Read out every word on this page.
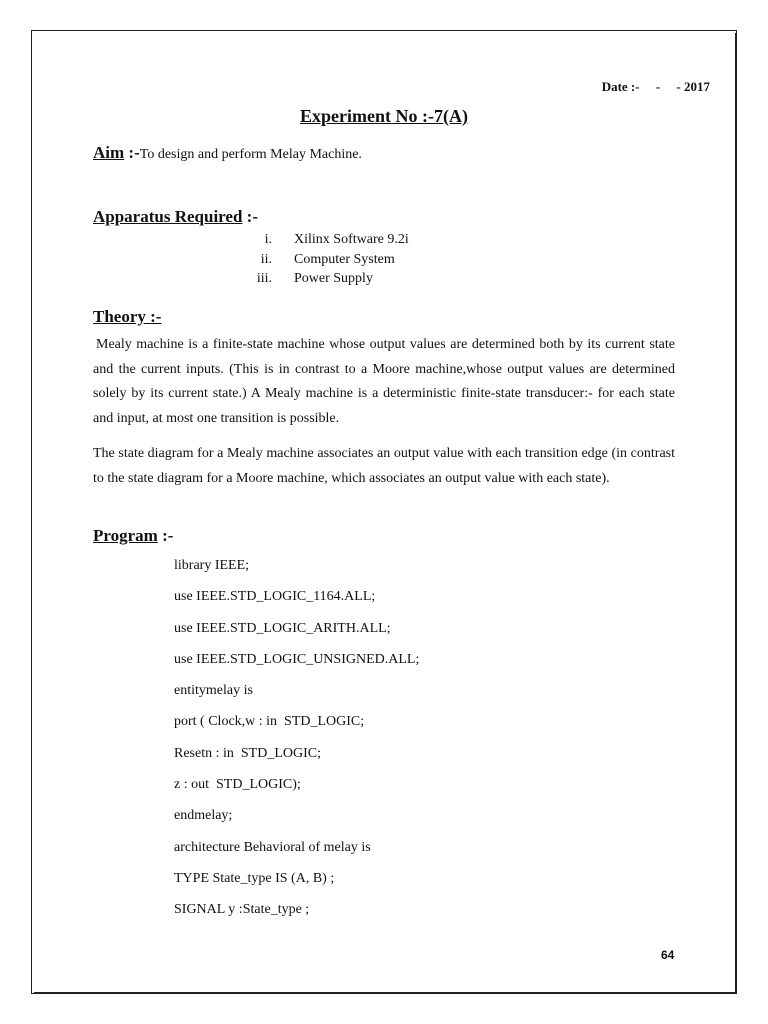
Date :-     -     - 2017
Experiment No :-7(A)
Aim :-To design and perform Melay Machine.
Apparatus Required :-
i. Xilinx Software 9.2i
ii. Computer System
iii. Power Supply
Theory :-
Mealy machine is a finite-state machine whose output values are determined both by its current state and the current inputs. (This is in contrast to a Moore machine,whose output values are determined solely by its current state.) A Mealy machine is a deterministic finite-state transducer:- for each state and input, at most one transition is possible.
The state diagram for a Mealy machine associates an output value with each transition edge (in contrast to the state diagram for a Moore machine, which associates an output value with each state).
Program :-
library IEEE;
use IEEE.STD_LOGIC_1164.ALL;
use IEEE.STD_LOGIC_ARITH.ALL;
use IEEE.STD_LOGIC_UNSIGNED.ALL;
entitymelay is
port ( Clock,w : in  STD_LOGIC;
Resetn : in  STD_LOGIC;
z : out  STD_LOGIC);
endmelay;
architecture Behavioral of melay is
TYPE State_type IS (A, B) ;
SIGNAL y :State_type ;
64
